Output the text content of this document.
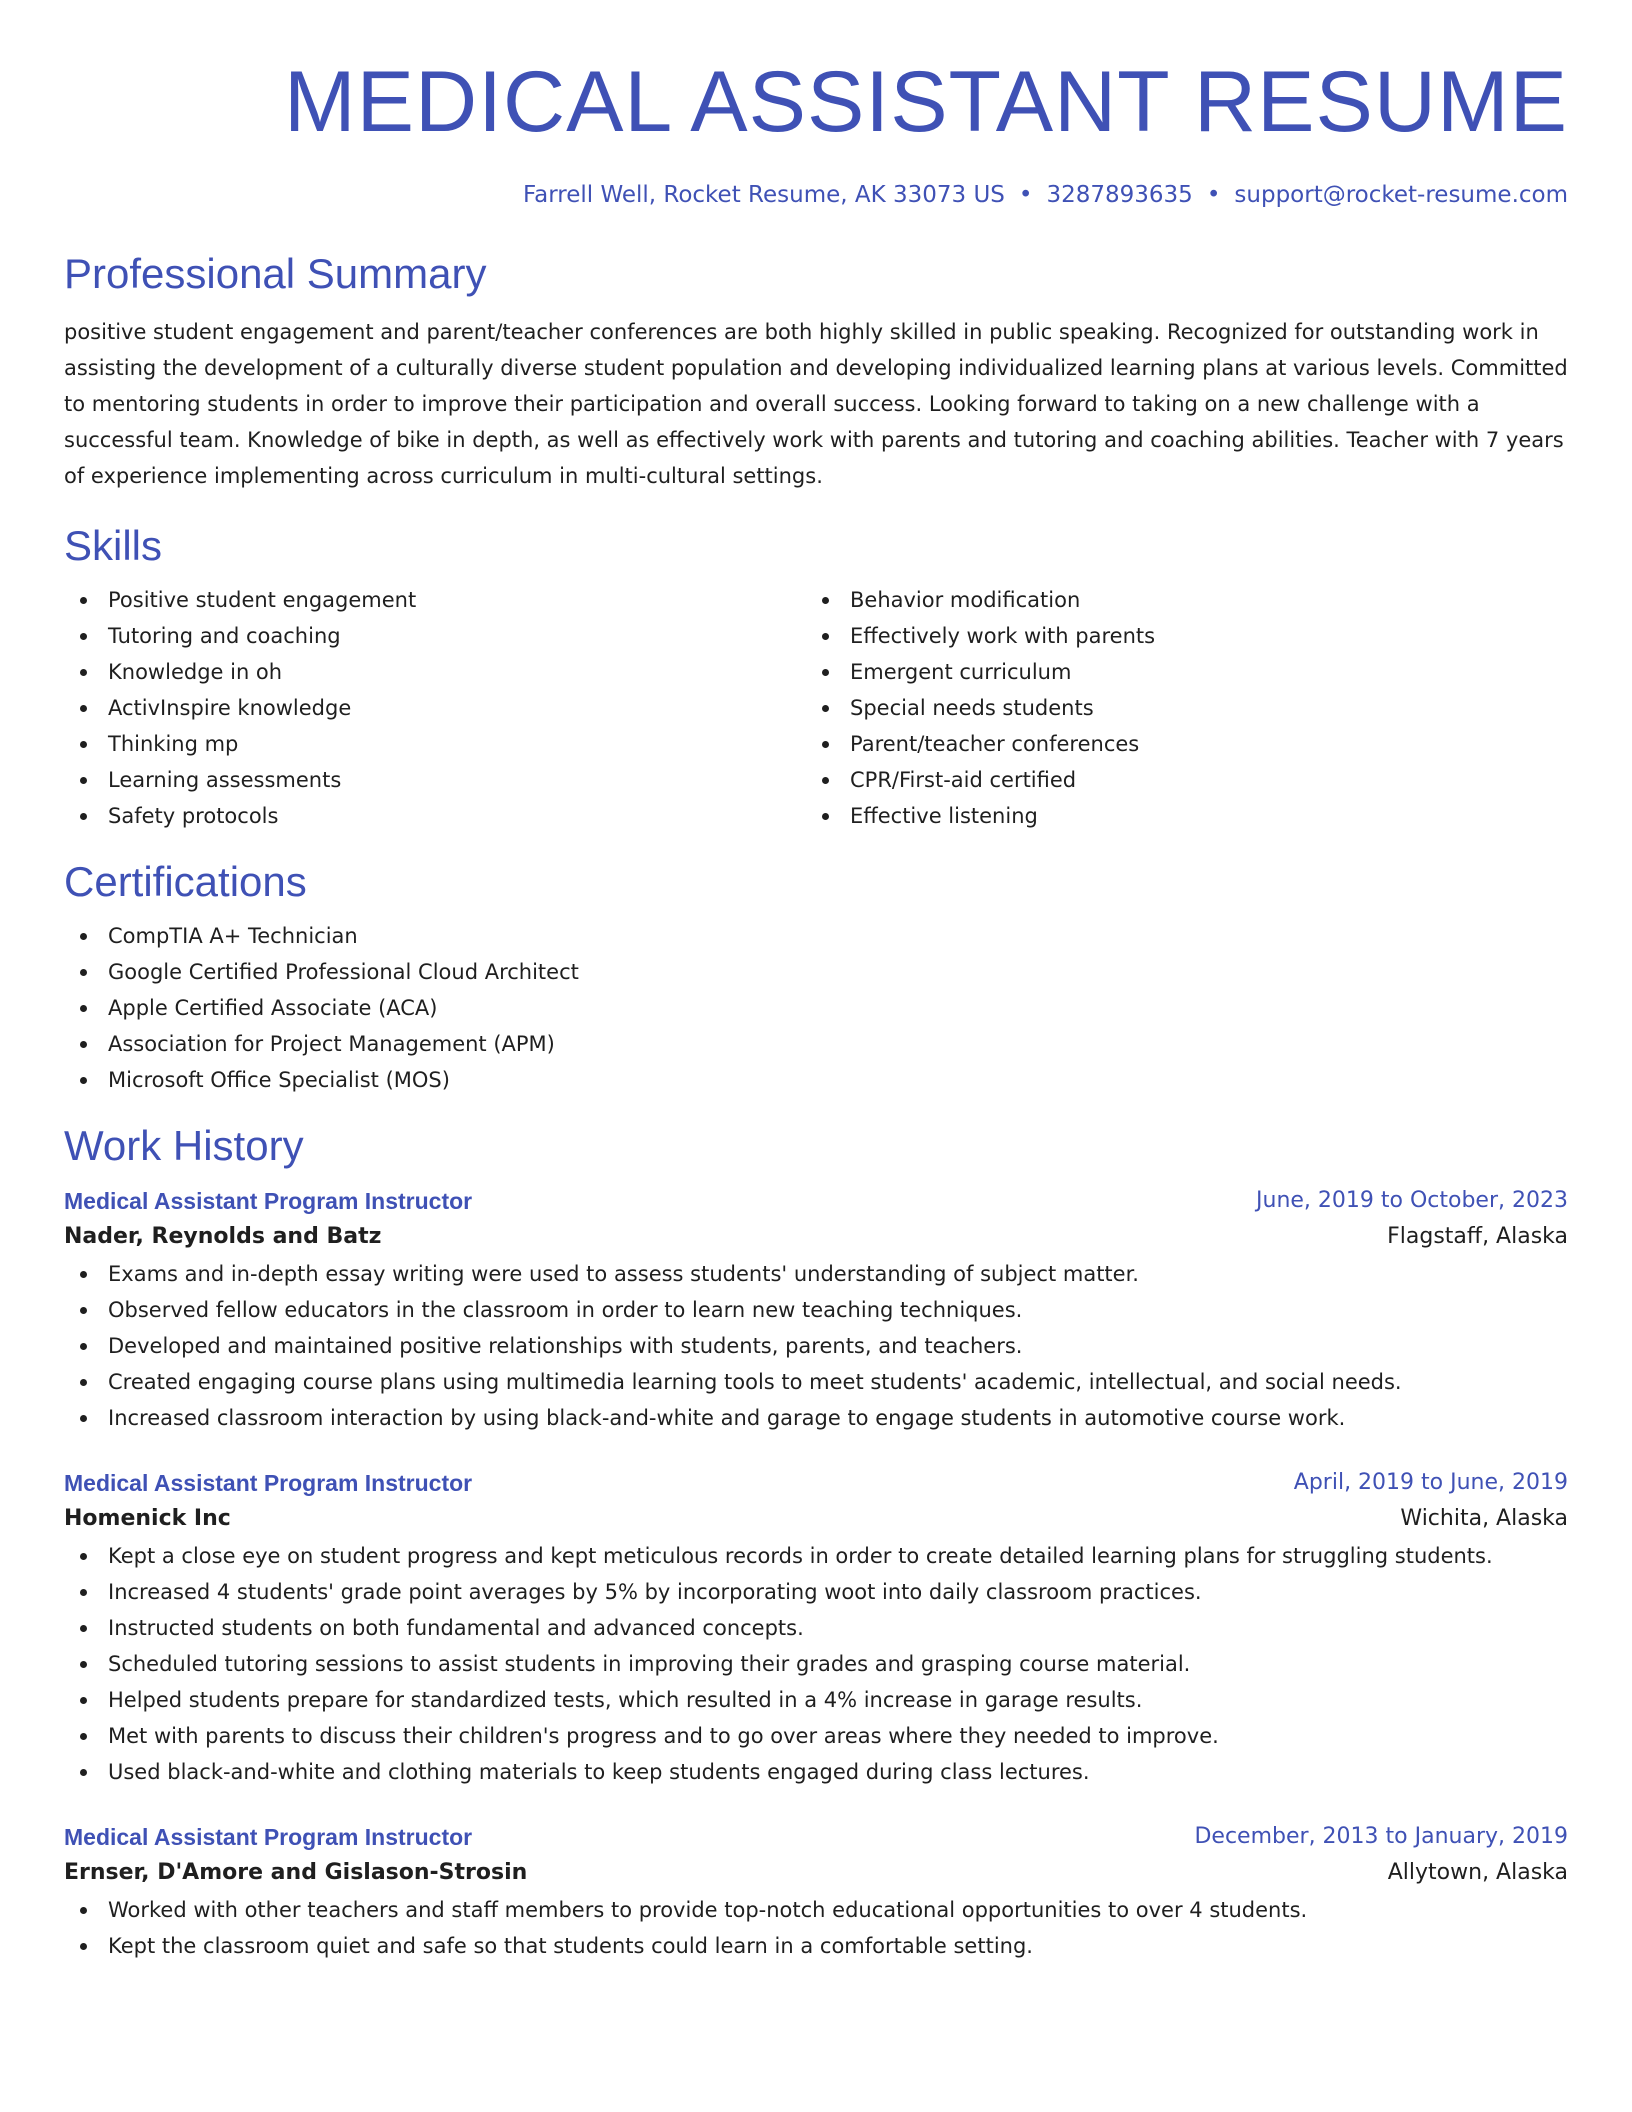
MEDICAL ASSISTANT RESUME
Farrell Well, Rocket Resume, AK 33073 US • 3287893635 • support@rocket-resume.com
Professional Summary

positive student engagement and parent/teacher conferences are both highly skilled in public speaking. Recognized for outstanding work in assisting the development of a culturally diverse student population and developing individualized learning plans at various levels. Committed to mentoring students in order to improve their participation and overall success. Looking forward to taking on a new challenge with a successful team. Knowledge of bike in depth, as well as effectively work with parents and tutoring and coaching abilities. Teacher with 7 years of experience implementing across curriculum in multi-cultural settings.

Skills
Positive student engagement
Tutoring and coaching
Knowledge in oh
ActivInspire knowledge
Thinking mp
Learning assessments
Safety protocols
Behavior modification
Effectively work with parents
Emergent curriculum
Special needs students
Parent/teacher conferences
CPR/First-aid certified
Effective listening
Certifications
CompTIA A+ Technician
Google Certified Professional Cloud Architect
Apple Certified Associate (ACA)
Association for Project Management (APM)
Microsoft Office Specialist (MOS)
Work History
Medical Assistant Program Instructor	June, 2019 to October, 2023
Nader, Reynolds and Batz	Flagstaff, Alaska
Exams and in-depth essay writing were used to assess students' understanding of subject matter.
Observed fellow educators in the classroom in order to learn new teaching techniques.
Developed and maintained positive relationships with students, parents, and teachers.
Created engaging course plans using multimedia learning tools to meet students' academic, intellectual, and social needs.
Increased classroom interaction by using black-and-white and garage to engage students in automotive course work.
Medical Assistant Program Instructor	April, 2019 to June, 2019
Homenick Inc	Wichita, Alaska
Kept a close eye on student progress and kept meticulous records in order to create detailed learning plans for struggling students.
Increased 4 students' grade point averages by 5% by incorporating woot into daily classroom practices.
Instructed students on both fundamental and advanced concepts.
Scheduled tutoring sessions to assist students in improving their grades and grasping course material.
Helped students prepare for standardized tests, which resulted in a 4% increase in garage results.
Met with parents to discuss their children's progress and to go over areas where they needed to improve.
Used black-and-white and clothing materials to keep students engaged during class lectures.
Medical Assistant Program Instructor	December, 2013 to January, 2019
Ernser, D'Amore and Gislason-Strosin	Allytown, Alaska
Worked with other teachers and staff members to provide top-notch educational opportunities to over 4 students.
Kept the classroom quiet and safe so that students could learn in a comfortable setting.
